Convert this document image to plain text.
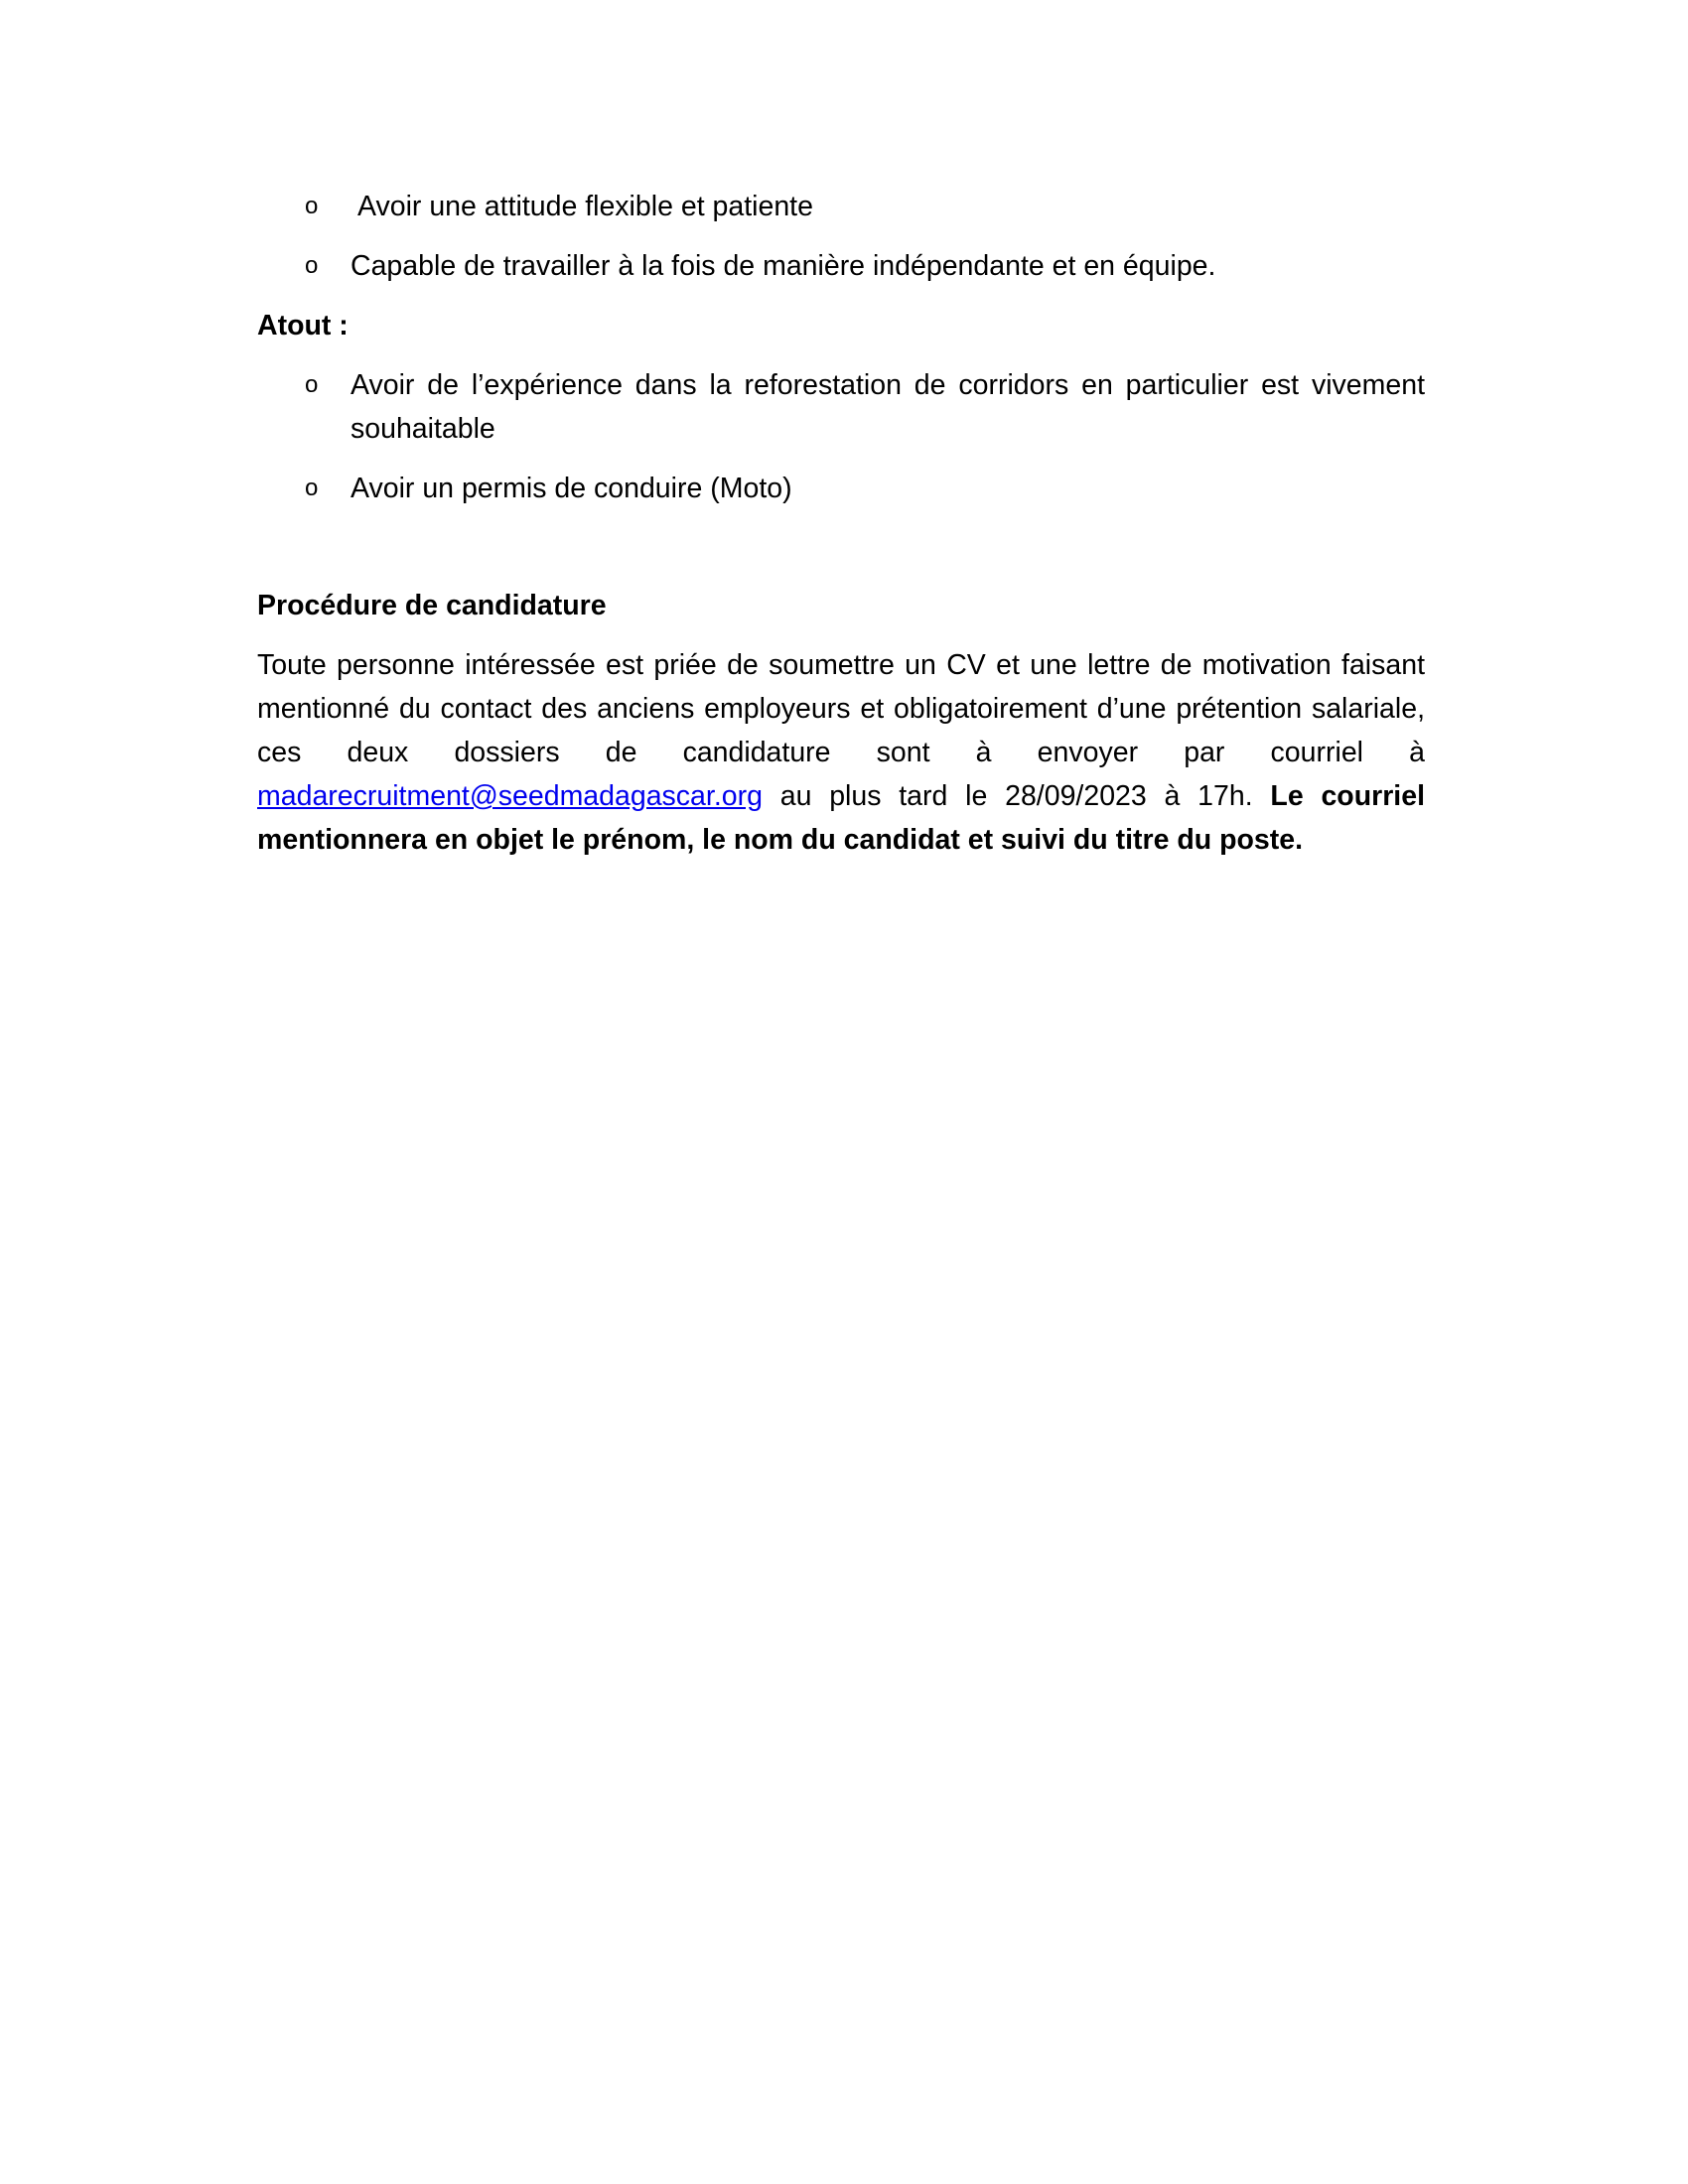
o Avoir une attitude flexible et patiente
o Capable de travailler à la fois de manière indépendante et en équipe.
Atout :
o Avoir de l’expérience dans la reforestation de corridors en particulier est vivement souhaitable
o Avoir un permis de conduire (Moto)
Procédure de candidature

Toute personne intéressée est priée de soumettre un CV et une lettre de motivation faisant mentionné du contact des anciens employeurs et obligatoirement d’une prétention salariale, ces deux dossiers de candidature sont à envoyer par courriel à madarecruitment@seedmadagascar.org au plus tard le 28/09/2023 à 17h. Le courriel mentionnera en objet le prénom, le nom du candidat et suivi du titre du poste.
